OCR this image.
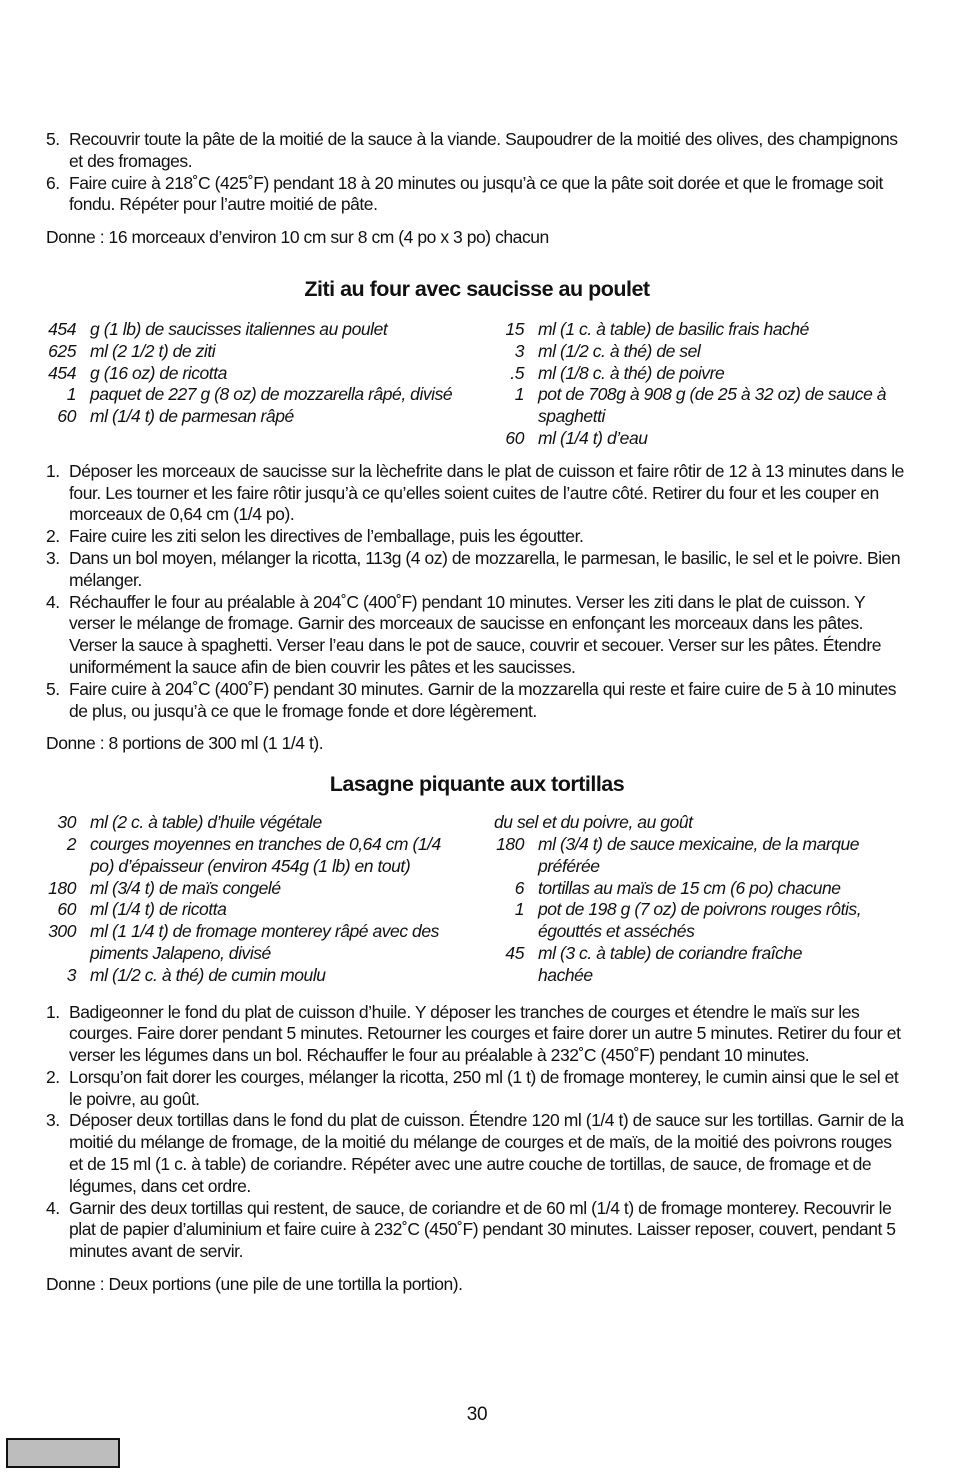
5. Recouvrir toute la pâte de la moitié de la sauce à la viande. Saupoudrer de la moitié des olives, des champignons et des fromages.
6. Faire cuire à 218˚C (425˚F) pendant 18 à 20 minutes ou jusqu’à ce que la pâte soit dorée et que le fromage soit fondu. Répéter pour l’autre moitié de pâte.
Donne : 16 morceaux d’environ 10 cm sur 8 cm (4 po x 3 po) chacun
Ziti au four avec saucisse au poulet
454 g (1 lb) de saucisses italiennes au poulet
625 ml (2 1/2 t) de ziti
454 g (16 oz) de ricotta
1 paquet de 227 g (8 oz) de mozzarella râpé, divisé
60 ml (1/4 t) de parmesan râpé
15 ml (1 c. à table) de basilic frais haché
3 ml (1/2 c. à thé) de sel
.5 ml (1/8 c. à thé) de poivre
1 pot de 708g à 908 g (de 25 à 32 oz) de sauce à spaghetti
60 ml (1/4 t) d’eau
1. Déposer les morceaux de saucisse sur la lèchefrite dans le plat de cuisson et faire rôtir de 12 à 13 minutes dans le four. Les tourner et les faire rôtir jusqu’à ce qu’elles soient cuites de l’autre côté. Retirer du four et les couper en morceaux de 0,64 cm (1/4 po).
2. Faire cuire les ziti selon les directives de l’emballage, puis les égoutter.
3. Dans un bol moyen, mélanger la ricotta, 113g (4 oz) de mozzarella, le parmesan, le basilic, le sel et le poivre. Bien mélanger.
4. Réchauffer le four au préalable à 204˚C (400˚F) pendant 10 minutes. Verser les ziti dans le plat de cuisson. Y verser le mélange de fromage. Garnir des morceaux de saucisse en enfonçant les morceaux dans les pâtes. Verser la sauce à spaghetti. Verser l’eau dans le pot de sauce, couvrir et secouer. Verser sur les pâtes. Étendre uniformément la sauce afin de bien couvrir les pâtes et les saucisses.
5. Faire cuire à 204˚C (400˚F) pendant 30 minutes. Garnir de la mozzarella qui reste et faire cuire de 5 à 10 minutes de plus, ou jusqu’à ce que le fromage fonde et dore légèrement.
Donne : 8 portions de 300 ml (1 1/4 t).
Lasagne piquante aux tortillas
30 ml (2 c. à table) d’huile végétale
2 courges moyennes en tranches de 0,64 cm (1/4 po) d’épaisseur (environ 454g (1 lb) en tout)
180 ml (3/4 t) de maïs congelé
60 ml (1/4 t) de ricotta
300 ml (1 1/4 t) de fromage monterey râpé avec des piments Jalapeno, divisé
3 ml (1/2 c. à thé) de cumin moulu
du sel et du poivre, au goût
180 ml (3/4 t) de sauce mexicaine, de la marque préférée
6 tortillas au maïs de 15 cm (6 po) chacune
1 pot de 198 g (7 oz) de poivrons rouges rôtis, égouttés et asséchés
45 ml (3 c. à table) de coriandre fraîche hachée
1. Badigeonner le fond du plat de cuisson d’huile. Y déposer les tranches de courges et étendre le maïs sur les courges. Faire dorer pendant 5 minutes. Retourner les courges et faire dorer un autre 5 minutes. Retirer du four et verser les légumes dans un bol. Réchauffer le four au préalable à 232˚C (450˚F) pendant 10 minutes.
2. Lorsqu’on fait dorer les courges, mélanger la ricotta, 250 ml (1 t) de fromage monterey, le cumin ainsi que le sel et le poivre, au goût.
3. Déposer deux tortillas dans le fond du plat de cuisson. Étendre 120 ml (1/4 t) de sauce sur les tortillas. Garnir de la moitié du mélange de fromage, de la moitié du mélange de courges et de maïs, de la moitié des poivrons rouges et de 15 ml (1 c. à table) de coriandre. Répéter avec une autre couche de tortillas, de sauce, de fromage et de légumes, dans cet ordre.
4. Garnir des deux tortillas qui restent, de sauce, de coriandre et de 60 ml (1/4 t) de fromage monterey. Recouvrir le plat de papier d’aluminium et faire cuire à 232˚C (450˚F) pendant 30 minutes. Laisser reposer, couvert, pendant 5 minutes avant de servir.
Donne : Deux portions (une pile de une tortilla la portion).
30
